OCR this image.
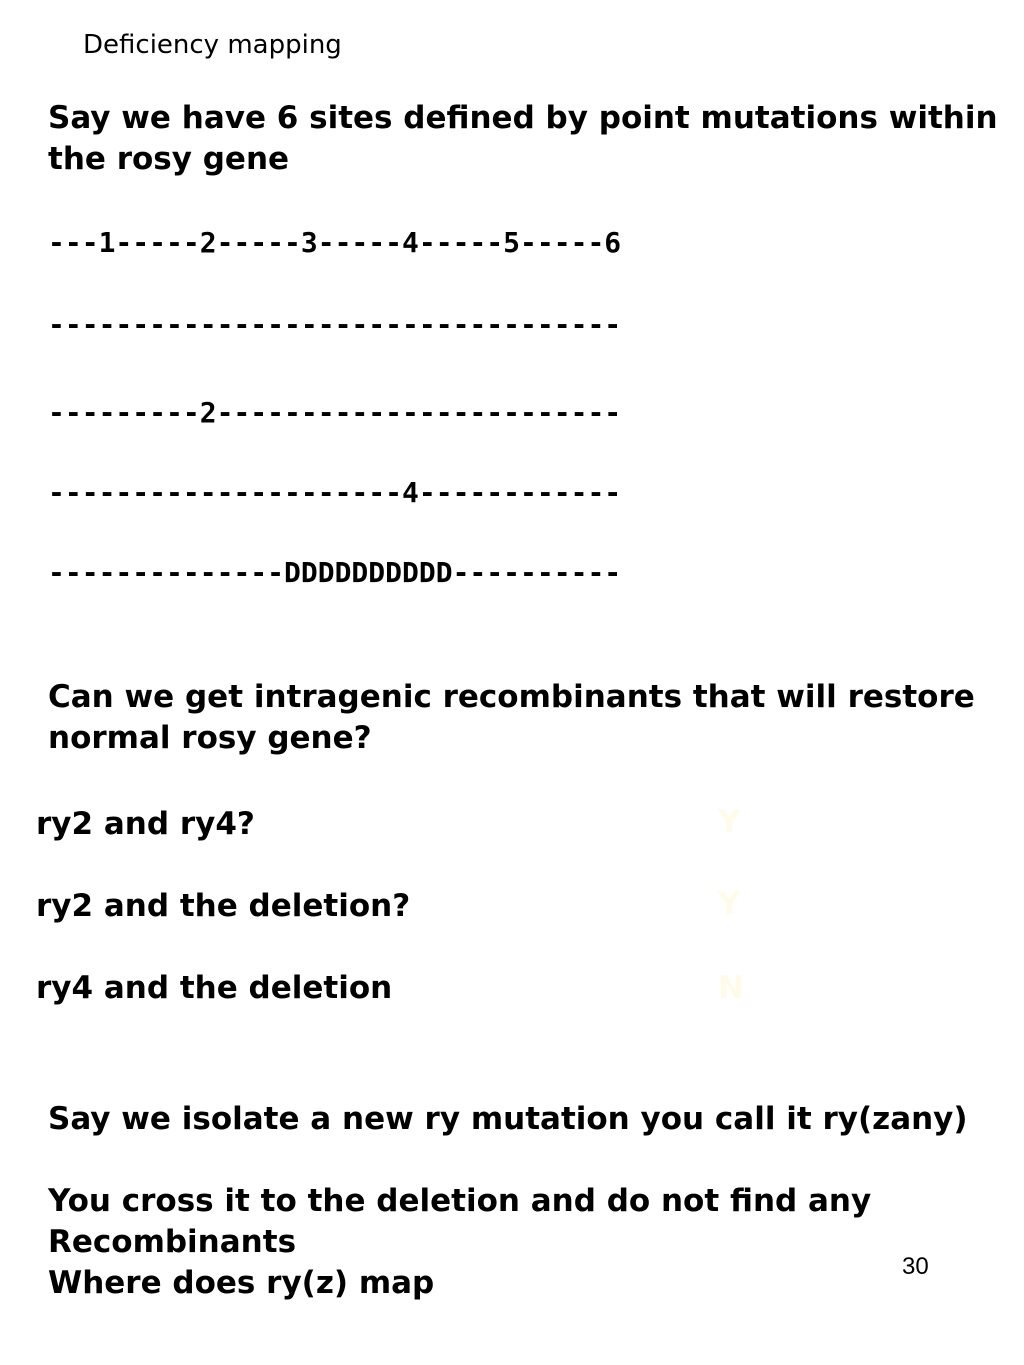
Deficiency mapping
Say we have 6 sites defined by point mutations within
the rosy gene
---1-----2-----3-----4-----5-----6
----------------------------------
---------2------------------------
---------------------4------------
--------------DDDDDDDDDD----------
Can we get intragenic recombinants that will restore
normal rosy gene?
ry2 and ry4?	Y
ry2 and the deletion?	Y
ry4 and the deletion	N
Say we isolate a new ry mutation you call it ry(zany)
You cross it to the deletion and do not find any
Recombinants
Where does ry(z) map	30
